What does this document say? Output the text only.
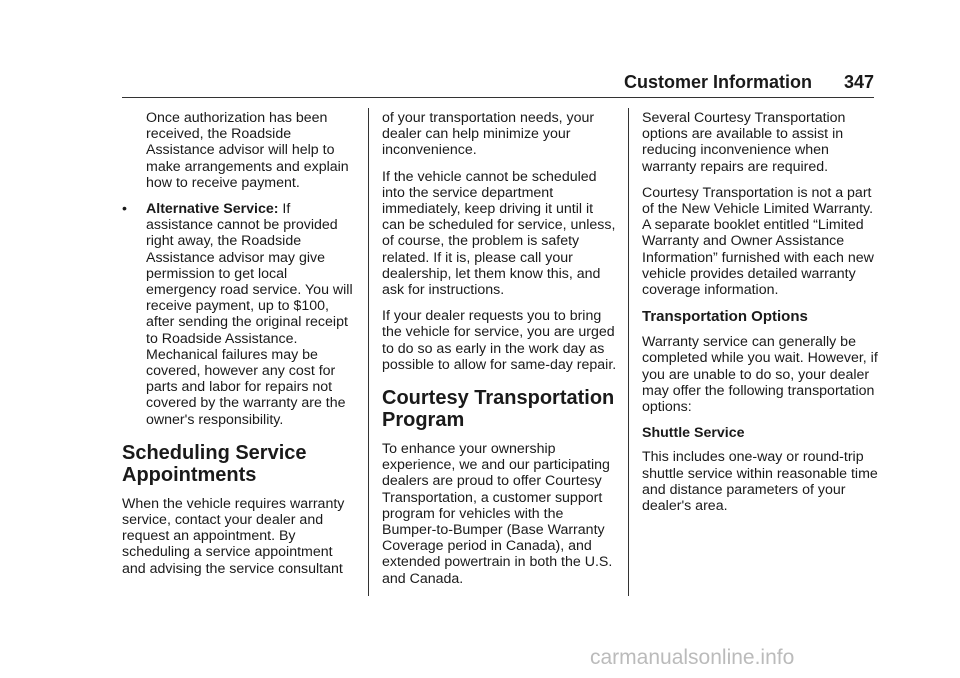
Customer Information 347

Once authorization has been received, the Roadside Assistance advisor will help to make arrangements and explain how to receive payment.

• Alternative Service: If assistance cannot be provided right away, the Roadside Assistance advisor may give permission to get local emergency road service. You will receive payment, up to $100, after sending the original receipt to Roadside Assistance. Mechanical failures may be covered, however any cost for parts and labor for repairs not covered by the warranty are the owner's responsibility.

Scheduling Service Appointments

When the vehicle requires warranty service, contact your dealer and request an appointment. By scheduling a service appointment and advising the service consultant

of your transportation needs, your dealer can help minimize your inconvenience.

If the vehicle cannot be scheduled into the service department immediately, keep driving it until it can be scheduled for service, unless, of course, the problem is safety related. If it is, please call your dealership, let them know this, and ask for instructions.

If your dealer requests you to bring the vehicle for service, you are urged to do so as early in the work day as possible to allow for same-day repair.

Courtesy Transportation Program

To enhance your ownership experience, we and our participating dealers are proud to offer Courtesy Transportation, a customer support program for vehicles with the Bumper-to-Bumper (Base Warranty Coverage period in Canada), and extended powertrain in both the U.S. and Canada.

Several Courtesy Transportation options are available to assist in reducing inconvenience when warranty repairs are required.

Courtesy Transportation is not a part of the New Vehicle Limited Warranty. A separate booklet entitled “Limited Warranty and Owner Assistance Information” furnished with each new vehicle provides detailed warranty coverage information.

Transportation Options

Warranty service can generally be completed while you wait. However, if you are unable to do so, your dealer may offer the following transportation options:

Shuttle Service

This includes one-way or round-trip shuttle service within reasonable time and distance parameters of your dealer's area.

carmanualsonline.info
